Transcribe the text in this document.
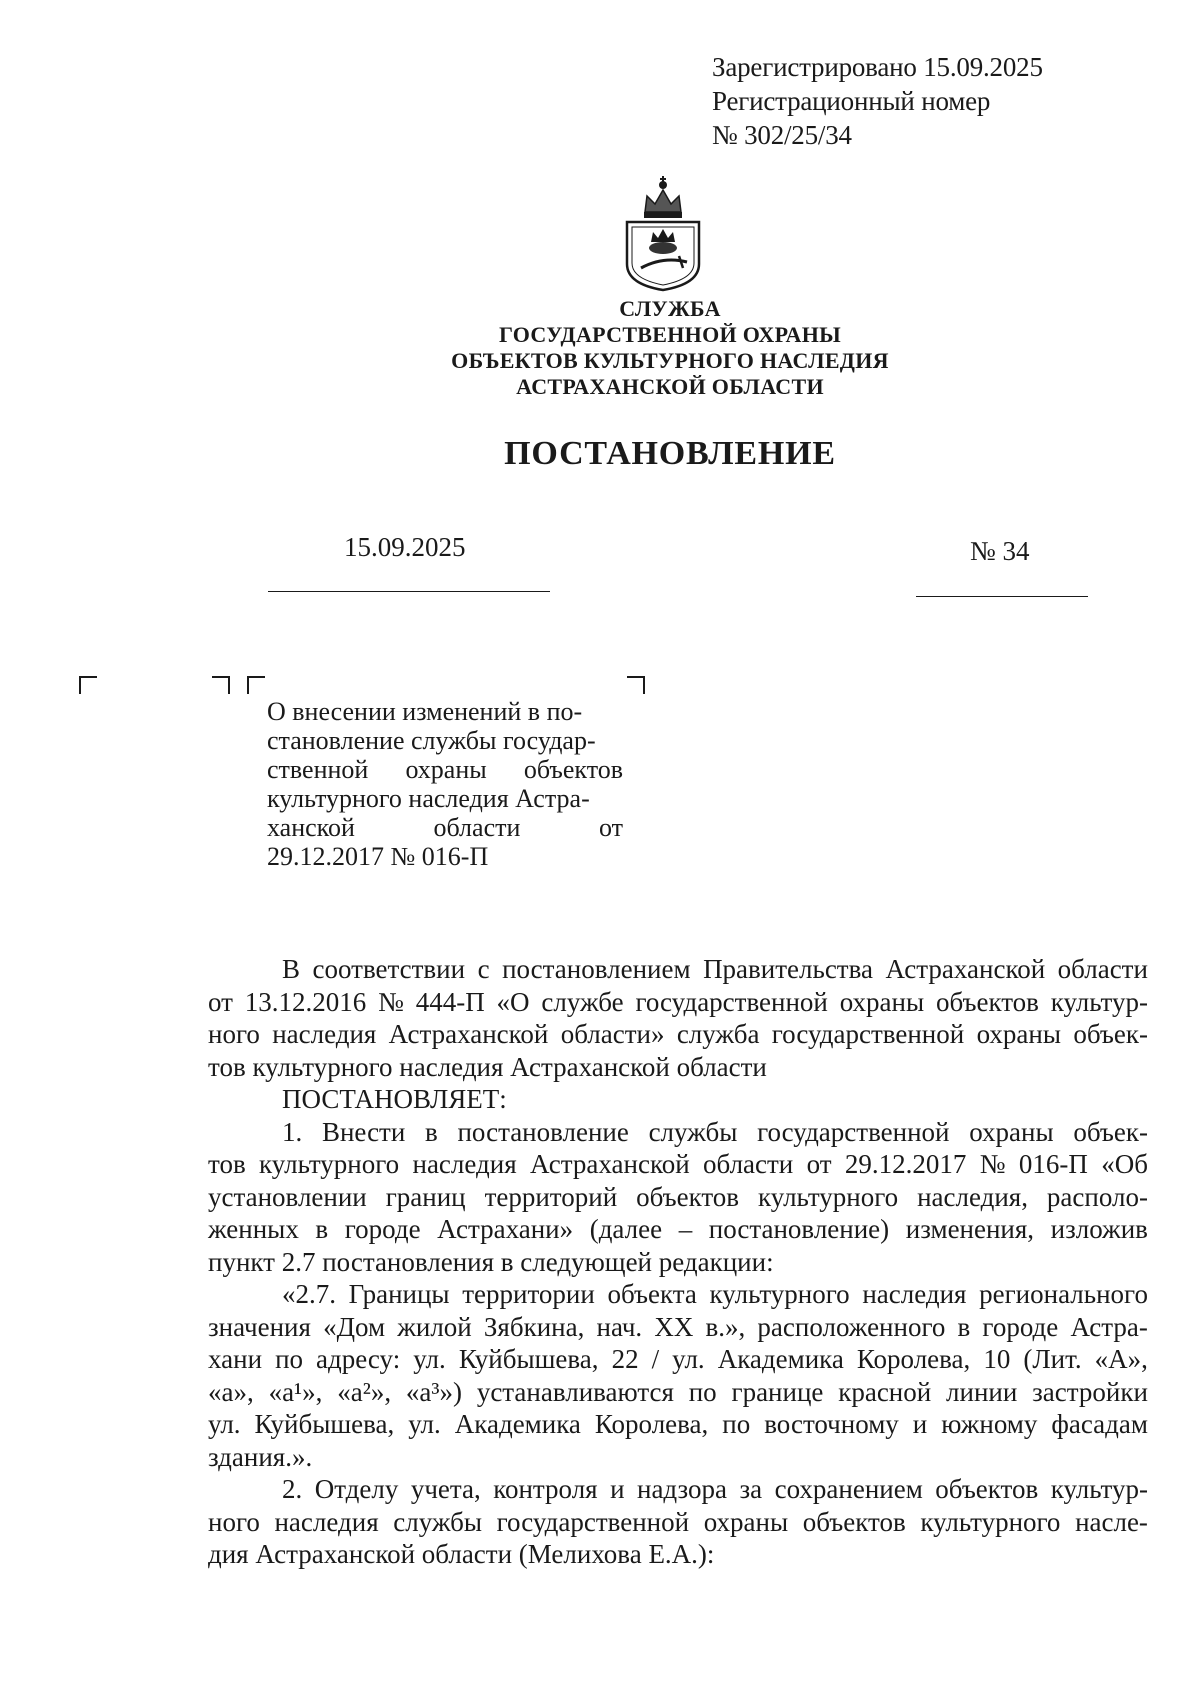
Зарегистрировано 15.09.2025
Регистрационный номер
№ 302/25/34
СЛУЖБА
ГОСУДАРСТВЕННОЙ ОХРАНЫ
ОБЪЕКТОВ КУЛЬТУРНОГО НАСЛЕДИЯ
АСТРАХАНСКОЙ ОБЛАСТИ
ПОСТАНОВЛЕНИЕ
15.09.2025	№ 34
О внесении изменений в по-
становление службы государ-
ственной охраны объектов
культурного наследия Астра-
ханской	области	от
29.12.2017 № 016-П
В соответствии с постановлением Правительства Астраханской области
от 13.12.2016 № 444-П «О службе государственной охраны объектов культур-
ного наследия Астраханской области» служба государственной охраны объек-
тов культурного наследия Астраханской области
ПОСТАНОВЛЯЕТ:
1. Внести в постановление службы государственной охраны объек-
тов культурного наследия Астраханской области от 29.12.2017 № 016-П «Об
установлении границ территорий объектов культурного наследия, располо-
женных в городе Астрахани» (далее – постановление) изменения, изложив
пункт 2.7 постановления в следующей редакции:
«2.7. Границы территории объекта культурного наследия регионального
значения «Дом жилой Зябкина, нач. XX в.», расположенного в городе Астра-
хани по адресу: ул. Куйбышева, 22 / ул. Академика Королева, 10 (Лит. «А»,
«а», «а¹», «а²», «а³») устанавливаются по границе красной линии застройки
ул. Куйбышева, ул. Академика Королева, по восточному и южному фасадам
здания.».
2. Отделу учета, контроля и надзора за сохранением объектов культур-
ного наследия службы государственной охраны объектов культурного насле-
дия Астраханской области (Мелихова Е.А.):
